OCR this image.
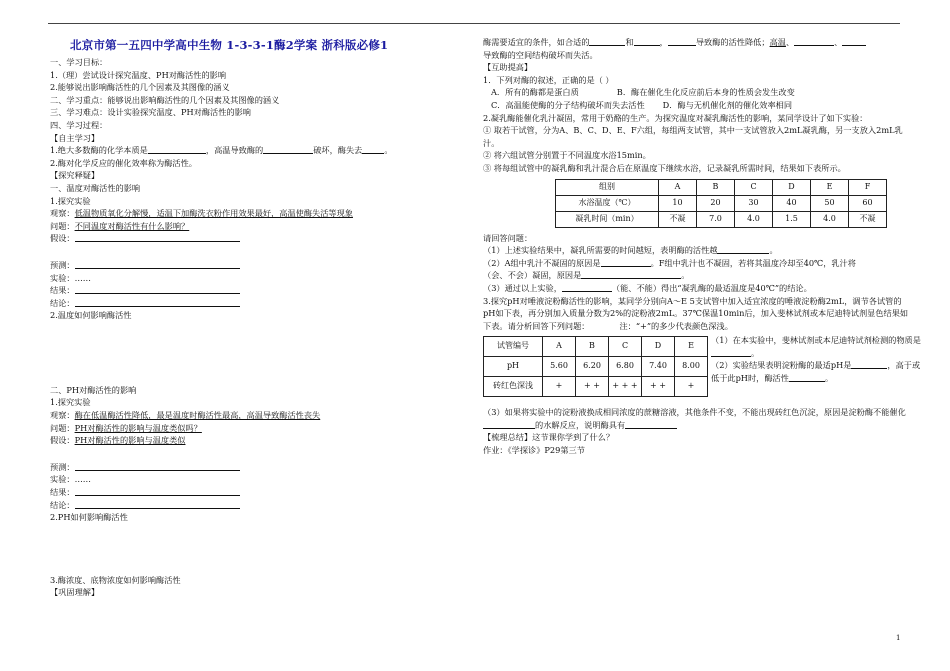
北京市第一五四中学高中生物 1-3-3-1酶2学案 浙科版必修1
一、学习目标：
1.（理）尝试设计探究温度、PH对酶活性的影响
2.能够说出影响酶活性的几个因素及其图像的涵义
二、学习重点：能够说出影响酶活性的几个因素及其图像的涵义
三、学习难点：设计实验探究温度、PH对酶活性的影响
四、学习过程：
【自主学习】
1.绝大多数酶的化学本质是	，高温导致酶的	破坏，酶失去	。
2.酶对化学反应的催化效率称为酶活性。
【探究释疑】
一、温度对酶活性的影响
1.探究实验
观察：低温物质氧化分解慢，适温下加酶洗衣粉作用效果最好，高温使酶失活等现象
问题：不同温度对酶活性有什么影响？
假设：
预测：
实验：……
结果：
结论：
2.温度如何影响酶活性
二、PH对酶活性的影响
1.探究实验
观察：酶在低温酶活性降低，最是温度时酶活性最高，高温导致酶活性丧失
问题：PH对酶活性的影响与温度类似吗？
假设：PH对酶活性的影响与温度类似
预测：
实验：……
结果：
结论：
2.PH如何影响酶活性
3.酶浓度、底物浓度如何影响酶活性
【巩固理解】
酶需要适宜的条件，如合适的	和	，	导致酶的活性降低；高温、	、
导致酶的空间结构破坏而失活。
【互助提高】
1．下列对酶的叙述，正确的是（ ）
A．所有的酶都是蛋白质	B．酶在催化生化反应前后本身的性质会发生改变
C．高温能使酶的分子结构破坏而失去活性 D．酶与无机催化剂的催化效率相同
2.凝乳酶能催化乳汁凝固，常用于奶酪的生产。为探究温度对凝乳酶活性的影响，某同学设计了如下实验：
① 取若干试管，分为A、B、C、D、E、F六组，每组两支试管，其中一支试管放入2mL凝乳酶，另一支放入2mL乳汁。
② 将六组试管分别置于不同温度水浴15min。
③ 将每组试管中的凝乳酶和乳汁混合后在原温度下继续水浴，记录凝乳所需时间，结果如下表所示。
组别	A	B	C	D	E	F
水浴温度（℃）	10	20	30	40	50	60
凝乳时间（min）	不凝	7.0	4.0	1.5	4.0	不凝
请回答问题：
（1）上述实验结果中，凝乳所需要的时间越短，表明酶的活性越	。
（2）A组中乳汁不凝固的原因是	。F组中乳汁也不凝固，若将其温度冷却至40℃，乳汁将
（会、不会）凝固，原因是	。
（3）通过以上实验，	（能、不能）得出“凝乳酶的最适温度是40℃”的结论。
3.探究pH对唾液淀粉酶活性的影响，某同学分别向A～E 5支试管中加入适宜浓度的唾液淀粉酶2mL，调节各试管的pH如下表，再分别加入质量分数为2%的淀粉液2mL。37℃保温10min后，加入斐林试剂或本尼迪特试剂显色结果如下表。请分析回答下列问题：	注：“+”的多少代表颜色深浅。
试管编号	A	B	C	D	E
pH	5.60	6.20	6.80	7.40	8.00
砖红色深浅	+	+ +	+ + +	+ +	+
（1）在本实验中，斐林试剂或本尼迪特试剂检测的物质是。
（2）实验结果表明淀粉酶的最适pH是	，高于或低于此pH时，酶活性	。
（3）如果将实验中的淀粉液换成相同浓度的蔗糖溶液，其他条件不变，不能出现砖红色沉淀，原因是淀粉酶不能催化的水解反应，说明酶具有
【梳理总结】这节课你学到了什么？
作业：《学探诊》P29第三节
1
